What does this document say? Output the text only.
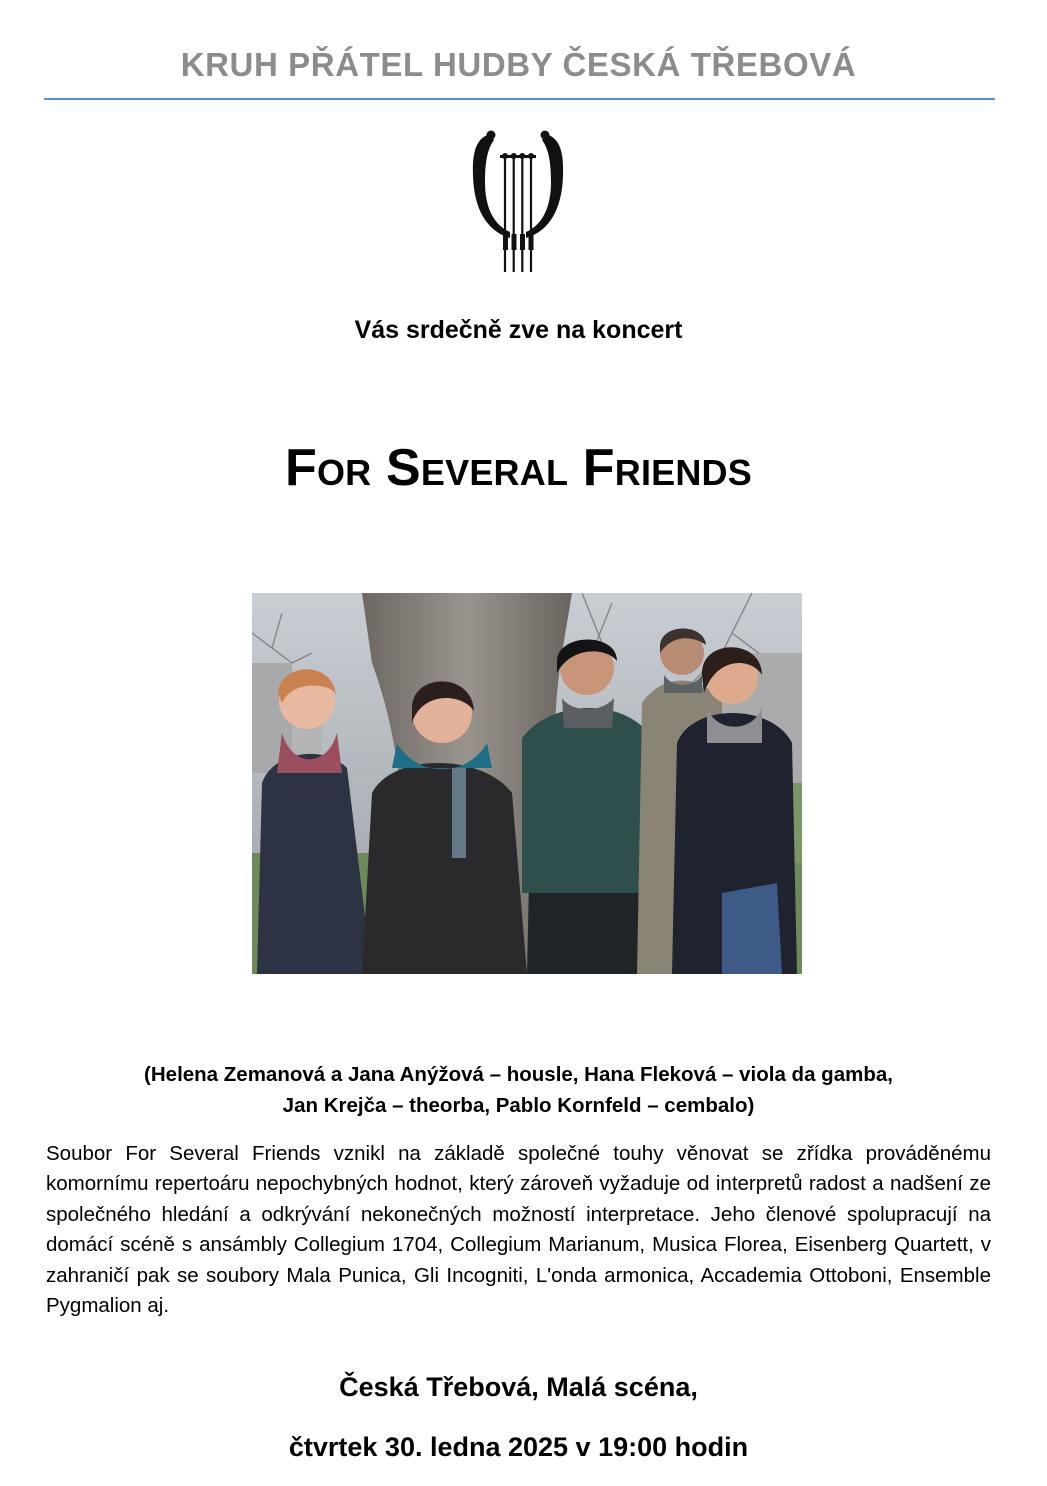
KRUH PŘÁTEL HUDBY ČESKÁ TŘEBOVÁ

Vás srdečně zve na koncert

For Several Friends

(Helena Zemanová a Jana Anýžová – housle, Hana Fleková – viola da gamba,
Jan Krejča – theorba, Pablo Kornfeld – cembalo)

Soubor For Several Friends vznikl na základě společné touhy věnovat se zřídka prováděnému komornímu repertoáru nepochybných hodnot, který zároveň vyžaduje od interpretů radost a nadšení ze společného hledání a odkrývání nekonečných možností interpretace. Jeho členové spolupracují na domácí scéně s ansámbly Collegium 1704, Collegium Marianum, Musica Florea, Eisenberg Quartett, v zahraničí pak se soubory Mala Punica, Gli Incogniti, L'onda armonica, Accademia Ottoboni, Ensemble Pygmalion aj.

Česká Třebová, Malá scéna,

čtvrtek 30. ledna 2025 v 19:00 hodin
